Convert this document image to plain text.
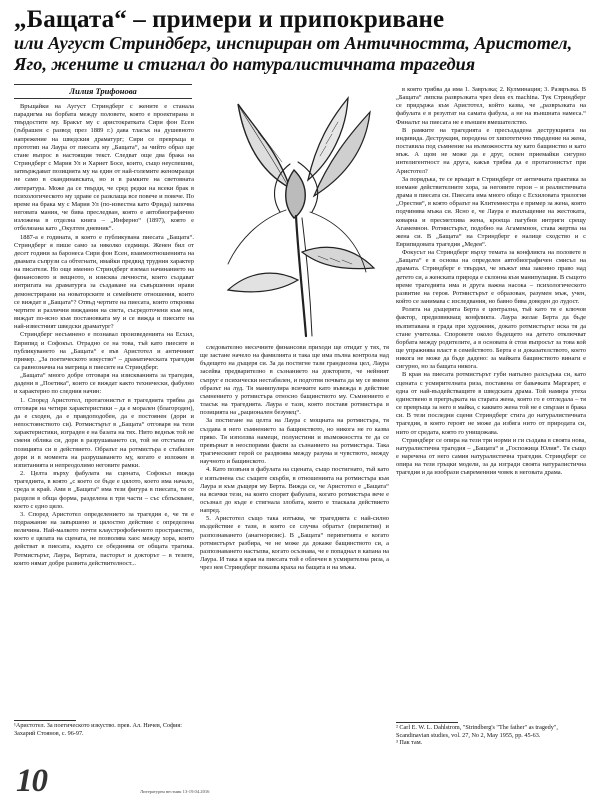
„Бащата“ – примери и припокриване
или Аугуст Стриндберг, инспириран от Античността, Аристотел, Яго, жените и стигнал до натуралистичната трагедия
Лилия Трифонова

Връщайки на Аугуст Стриндберг с жените е станала парадигма на борбата между половете, която е проектирана в твърдостите му. Бракът му с аристократката Сири фон Есен (зъбрашен с развод през 1889 г.) дава тласък на душевното напрежение на шведския драматург; Сири се превръща в прототип на Лаура от пиесата му „Бащата“, за чийто образ ще стане въпрос в настоящия текст. Следват още два брака на Стриндберг с Мария Ул и Хариет Босе, които, също неуспешни, затвърждават позицията му на един от най-големите женомразци не само в скандинавската, но и в рамките на световната литература. Може да се твърди, че сред редки на всеки брак в психологическото му здраве се разклаща все повече и повече. По време на брака му с Мария Ул (по-известна като Фрида) започва неговата мания, че бива преследван, която е автобиографично изложена в отделна книга – „Инферно“ (1897), която е отбелязана като „Окултен дневник“.

1887-а е годината, в която е публикувана пиесата „Бащата“. Стриндберг я пише само за няколко седмици. Женен бил от десет години за баронеса Сири фон Есен, взаимоотношенията на двамата съпрузи са обтегнати, имайки предвид трудния характер на писателя. Но още именно Стриндберг вземал начинанието на финансовото и вещното, и изисква личности, които създават интригата на драматурга за създаване на съвършенни нрави демонстрирани на новаторските и семейните отношения, които се виждат в „Бащата“? Отвъд чертите на пиесата, които откроява чертите и различни виждания на света, съсредоточени към нея, виждат по-ясно към постановката му и се вижда и пиесите на най-известният шведски драматург?

Стриндберг несъмнено е познавал произведенията на Есхил, Еврипид и Софокъл. Отрадно се на това, тъй като пиесите и публикуването на „Бащата“ е във Аристотел и античният пример. „За поетическото изкуство“ – драматическата трагедия са равнозначна на матрица в пиесите на Стриндберг.

„Бащата“ много добре отговаря на изискванията за трагедия, дадени в „Поетика“, които се виждат както технически, фабулно и характерно по следния начин:

1. Според Аристотел, протагонистът в трагедията трябва да отговаря на четири характеристики – да е морален (благороден), да е сходен, да е правдоподобен, да е постоянен (дори и непостоянството си). Ротмистърът в „Бащата“ отговаря на тези характеристики, изграден е на базата на тях. Нито веднъж той не сменя облика си, дори в разрушаването си, той не отстъпва от позицията си в действието. Образът на ротмистъра е стабилен дори и в момента на разрушаването му, когато е изложен в изпитанията и непреодолимо неговите рамки.

2. Целта върху фабулата на сцената, Софокъл вижда трагедията, в която „с което се бъде е цялото, което има начало, среда и край. Ами в „Бащата“ има тези фигура в пиесата, тя се разделя в обща форма, разделена в три части – със сблъскване, което с едно цяло.

3. Според Аристотел определението за трагедия е, че тя е подражание на завършено и цялостно действие с определена величина. Най-малкото почти клаустрофобичното пространство, което е цялата на сцената, не позволява хаос между хора, които действат в пиесата, където се обединява от общата трагика. Ротмистърът, Лаура, Бертата, пасторът и докторът – в тезите, които нямат добре развита действителност...

следователно месечните финансови приходи ще отидат у тях, тя ще застане начело на фамилията и така ще има пълна контрола над бъдещето на дъщеря си. За да постигне тази грандиозна цел, Лаура засейва предварително в съзнанието на докторите, че нейният съпруг е психически нестабилен, и подготвя почвата да му се вмени образът на луд. Тя манипулира всичките като въвежда в действие съмнението у ротмистъра относно бащинството му. Съмнението е тласък на трагедията. Лаура е тази, която поставя ротмистъра в позицията на „рационален безумец“.

За постигане на целта на Лаура с мощната на ротмистъра, тя създава в него съмнението за бащинството, но никога не го казва пряко. Тя използва намеци, полуистини и възможността те да се превърнат в неоспорими факти за съзнанието на ротмистъра. Така трагическият герой се раздвоява между разума и чувството, между научното и бащинското.

4. Като позвъня в фабулата на сцената, също постигнато, тъй като е изпълнена със същите скърби, в отношенията на ротмистъра към Лаура и към дъщеря му Берта. Вижда се, че Аристотел е „Бащата“ на всички тези, на която спорят фабулата, когато ротмистъра вече е осъзнал до къде е стигнала злобата, която е тласкала действието напред.

5. Аристотел също така изтъква, че трагедията с най-силно въздействие е тази, в която се случва обратът (перипетия) и разпознаването (анагноризис). В „Бащата“ перипетията е когато ротмистърът разбира, че не може да докаже бащинството си, а разпознаването настъпва, когато осъзнава, че е попаднал в капана на Лаура. И така в края на пиесата той е облечен в усмирителна риза, а чрез нея Стриндберг показва краха на бащата и на мъжа.

в която трябва да има 1. Завръзка; 2. Кулминация; 3. Развръзка. В „Бащата“ липсва развръзката чрез deus ex machina. Тук Стриндберг се придържа към Аристотел, който казва, че „развръзката на фабулата е в резултат на самата фабула, а не на външната намеса.“ Финалът на пиесата не е външен вмешателство.

В рамките на трагедията е пресъздадена деструкцията на индивида. Деструкция, породена от хипотетично твърдение на жена, поставила под съмнение на възможността му като бащинство и като мъж. А щом не може да е друг, освен приемайки сигурно интелигентност на друга, какъв трябва да е протагонистът при Аристотел?

За порядъка, те се връщат в Стриндберг от античната практика за вземане действителните хора, за неговите герои – и реалистичната драма в пиесата си. Пиесата има много общо с Есхиловата трилогия „Орестия“, в която образът на Клитемнестра е пример за жена, която подчинява мъжа си. Ясно е, че Лаура е въплъщение на жестоката, коварна и пресметлива жена, кроеща пагубни интриги срещу Агамемнон. Ротмистърът, подобно на Агамемнон, става жертва на жена си. В „Бащата“ на Стриндберг е налице сходство и с Еврипидовата трагедия „Медея“.

Фокусът на Стриндберг върху темата за конфликта на половете в „Бащата“ е в основа на определен автобиографичен смисъл на драмата. Стриндберг е твърдял, че мъжът има законно право над детето си, а женската природа е склонна към манипулация. В същото време трагедията има и друга важна насока – психологическото развитие на героя. Ротмистърът е образован, разумен мъж, учен, който се занимава с изследвания, но бавно бива доведен до лудост.

Ролята на дъщерята Берта е централна, тъй като тя е ключов фактор, предизвикващ конфликта. Лаура желае Берта да бъде възпитавана в града при художник, докато ротмистърът иска тя да стане учителка. Споровете около бъдещето на детето отключват борбата между родителите, а в основата ѝ стои въпросът за това кой ще упражнява власт в семейството. Берта е и доказателството, което никога не може да бъде дадено: за майката бащинството винаги е сигурно, но за бащата никога.

В края на пиесата ротмистърът губи напълно разсъдъка си, като сцената с усмирителната риза, поставена от бавачката Маргарет, е една от най-въздействащите в шведската драма. Той намира утеха единствено в прегръдката на старата жена, която го е отгледала – тя се превръща за него в майка, с каквато жена той не е свързан в брака си. В тези последни сцени Стриндберг стига до натуралистичната трагедия, в която героят не може да избяга нито от природата си, нито от средата, която го унищожава.

Стриндберг се опира на тези три норми и ги създава в своята нова, натуралистична трагедия – „Бащата“ и „Госпожица Юлия“. Тя също е наречена от него самия натуралистична трагедия. Стриндберг се опира на тези гръцки модели, за да изгради своята натуралистична трагедия и да изобрази съвременния човек в неговата драма.

¹Аристотел. За поетическото изкуство. прев. Ал. Ничев, София: Захарий Стоянов, с. 96-97.
² Carl E. W. L. Dahlstrom, "Strindberg's "The father" as tragedy", Scandinavian studies, vol. 27, No 2, May 1955, pp. 45-63.
³ Пак там.
10	Литературен вестник 13-19.04.2016
